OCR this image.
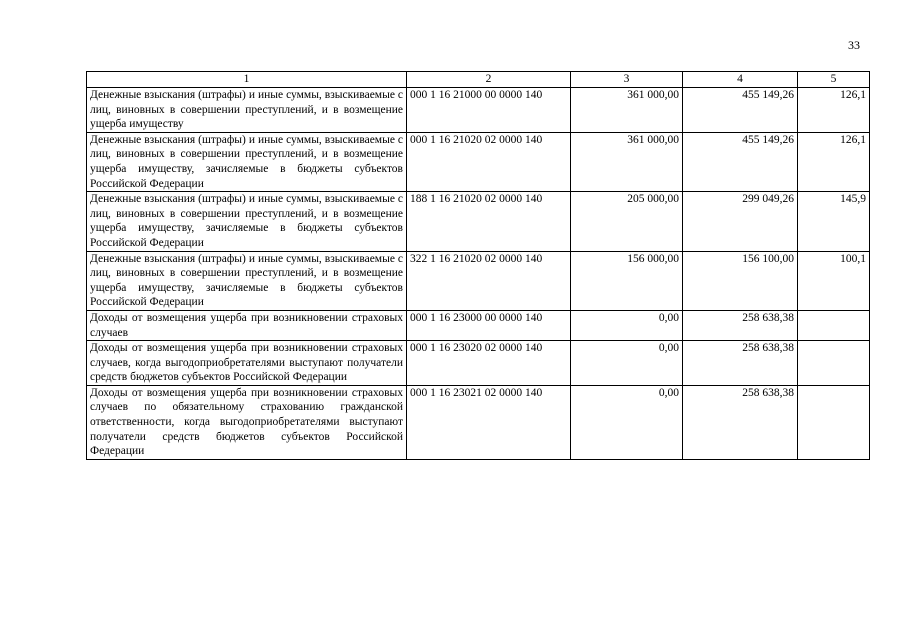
33
1	2	3	4	5
Денежные взыскания (штрафы) и иные суммы, взыскиваемые с лиц, виновных в совершении преступлений, и в возмещение ущерба имуществу	000 1 16 21000 00 0000 140	361 000,00	455 149,26	126,1
Денежные взыскания (штрафы) и иные суммы, взыскиваемые с лиц, виновных в совершении преступлений, и в возмещение ущерба имуществу, зачисляемые в бюджеты субъектов Российской Федерации	000 1 16 21020 02 0000 140	361 000,00	455 149,26	126,1
Денежные взыскания (штрафы) и иные суммы, взыскиваемые с лиц, виновных в совершении преступлений, и в возмещение ущерба имуществу, зачисляемые в бюджеты субъектов Российской Федерации	188 1 16 21020 02 0000 140	205 000,00	299 049,26	145,9
Денежные взыскания (штрафы) и иные суммы, взыскиваемые с лиц, виновных в совершении преступлений, и в возмещение ущерба имуществу, зачисляемые в бюджеты субъектов Российской Федерации	322 1 16 21020 02 0000 140	156 000,00	156 100,00	100,1
Доходы от возмещения ущерба при возникновении страховых случаев	000 1 16 23000 00 0000 140	0,00	258 638,38	
Доходы от возмещения ущерба при возникновении страховых случаев, когда выгодоприобретателями выступают получатели средств бюджетов субъектов Российской Федерации	000 1 16 23020 02 0000 140	0,00	258 638,38	
Доходы от возмещения ущерба при возникновении страховых случаев по обязательному страхованию гражданской ответственности, когда выгодоприобретателями выступают получатели средств бюджетов субъектов Российской Федерации	000 1 16 23021 02 0000 140	0,00	258 638,38	
